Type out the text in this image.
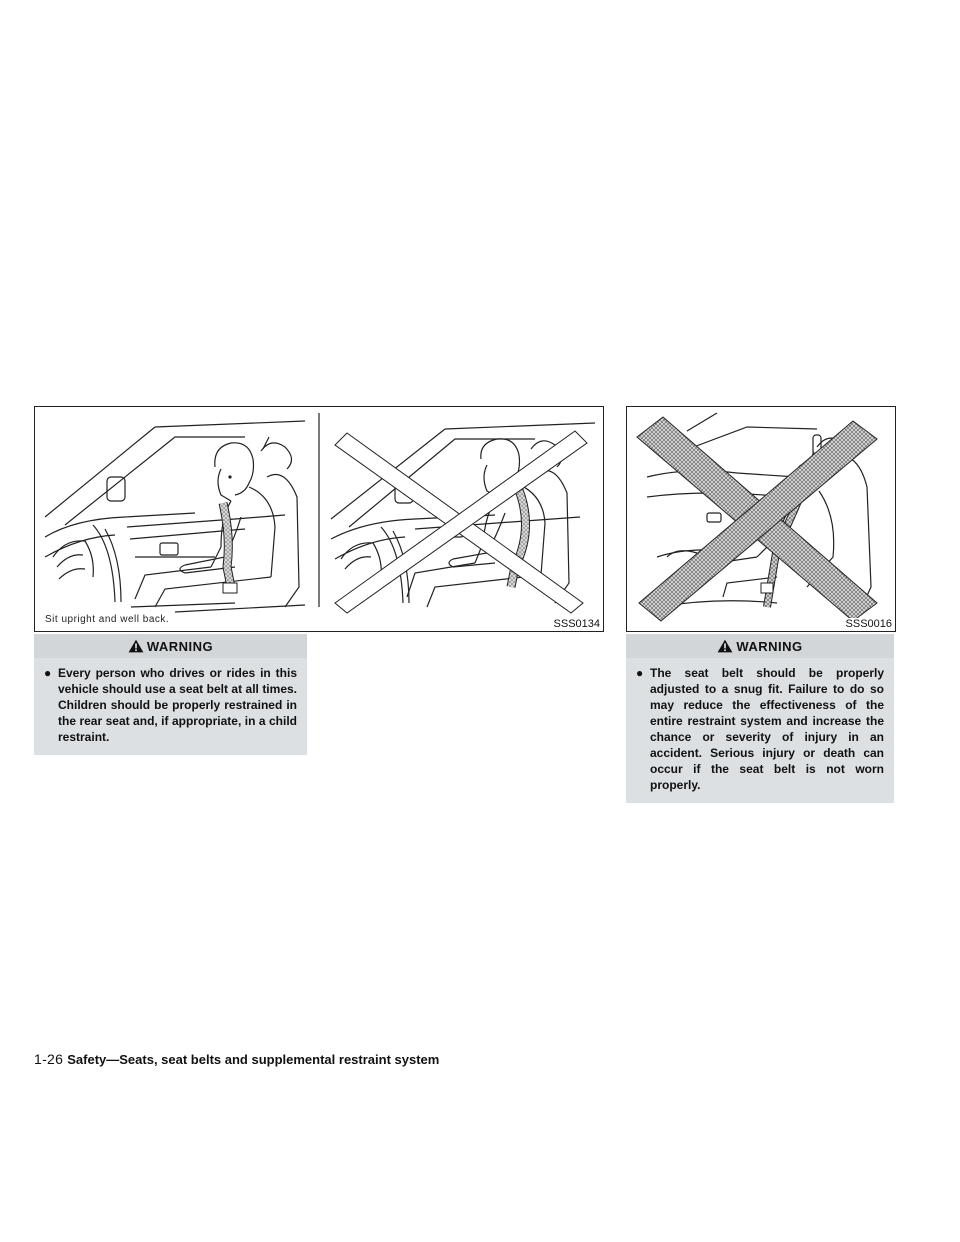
Sit upright and well back.	SSS0134	SSS0016
WARNING
● Every person who drives or rides in this vehicle should use a seat belt at all times. Children should be properly restrained in the rear seat and, if appropriate, in a child restraint.
WARNING
● The seat belt should be properly adjusted to a snug fit. Failure to do so may reduce the effectiveness of the entire restraint system and increase the chance or severity of injury in an accident. Serious injury or death can occur if the seat belt is not worn properly.
1-26 Safety—Seats, seat belts and supplemental restraint system
